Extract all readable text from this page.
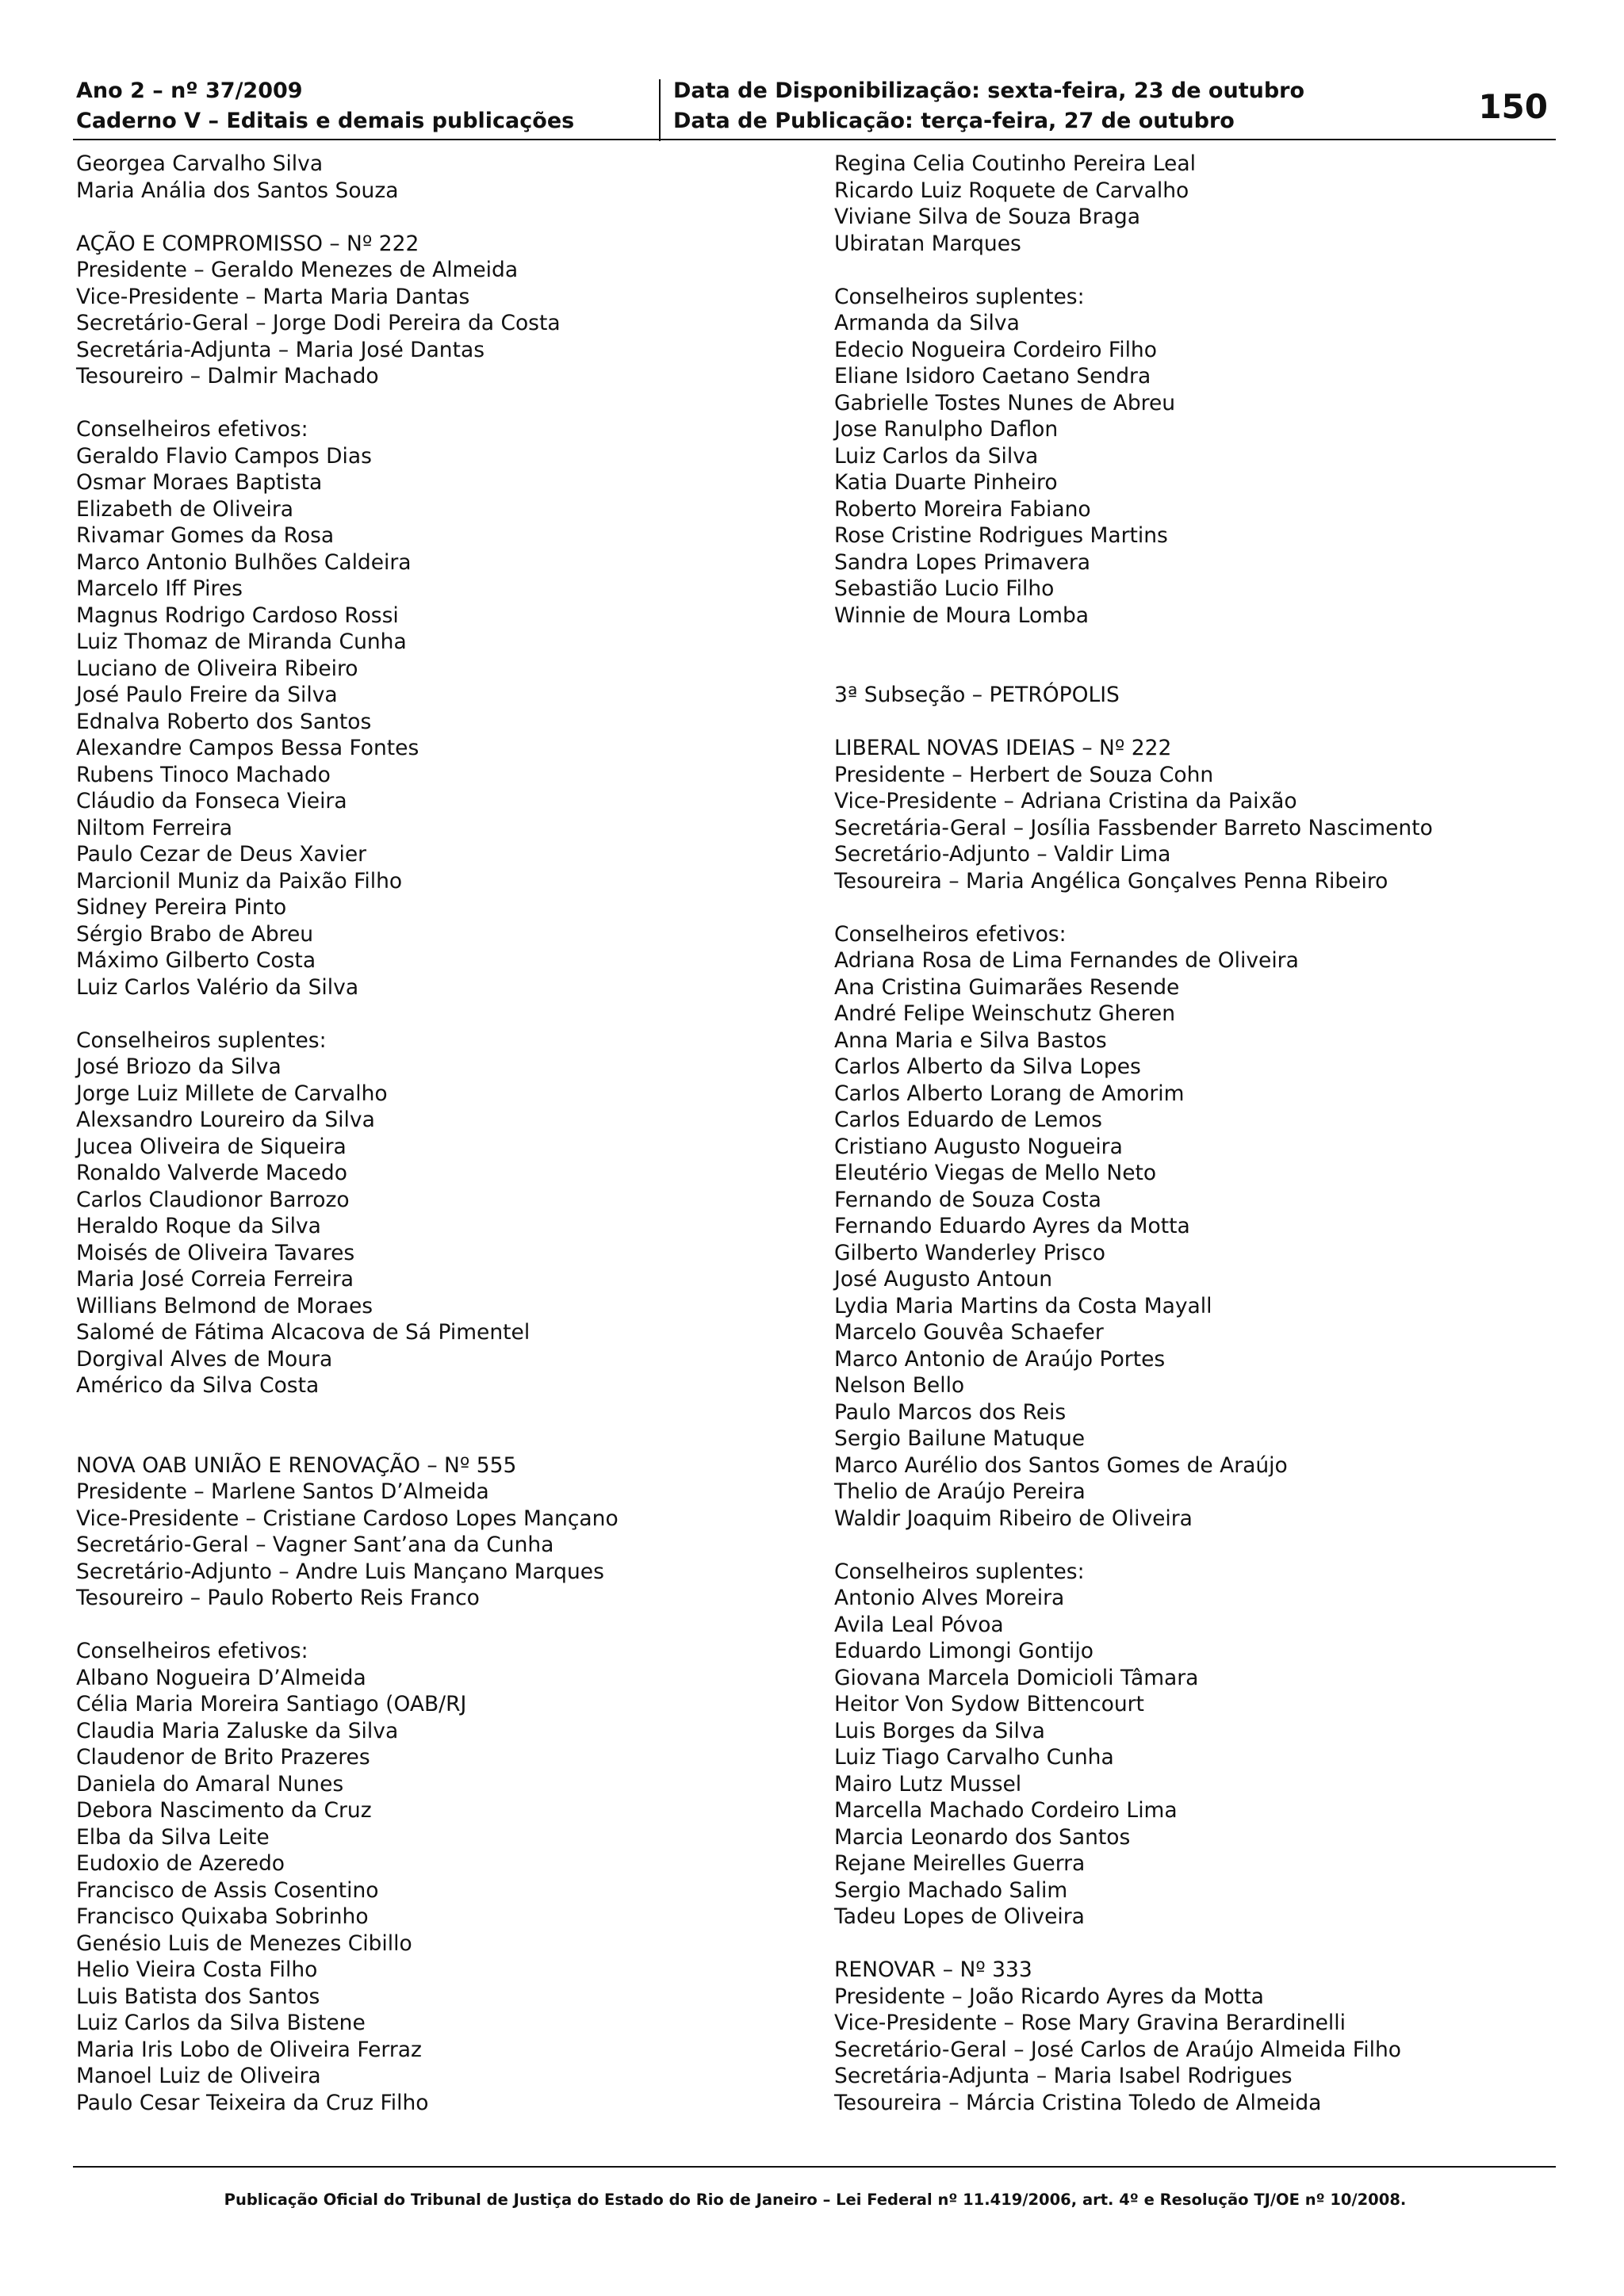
Ano 2 – nº 37/2009
Caderno V – Editais e demais publicações
Data de Disponibilização: sexta-feira, 23 de outubro
Data de Publicação: terça-feira, 27 de outubro	150
Georgea Carvalho Silva
Maria Anália dos Santos Souza
AÇÃO E COMPROMISSO – Nº 222
Presidente – Geraldo Menezes de Almeida
Vice-Presidente – Marta Maria Dantas
Secretário-Geral – Jorge Dodi Pereira da Costa
Secretária-Adjunta – Maria José Dantas
Tesoureiro – Dalmir Machado
Conselheiros efetivos:
Geraldo Flavio Campos Dias
Osmar Moraes Baptista
Elizabeth de Oliveira
Rivamar Gomes da Rosa
Marco Antonio Bulhões Caldeira
Marcelo Iff Pires
Magnus Rodrigo Cardoso Rossi
Luiz Thomaz de Miranda Cunha
Luciano de Oliveira Ribeiro
José Paulo Freire da Silva
Ednalva Roberto dos Santos
Alexandre Campos Bessa Fontes
Rubens Tinoco Machado
Cláudio da Fonseca Vieira
Niltom Ferreira
Paulo Cezar de Deus Xavier
Marcionil Muniz da Paixão Filho
Sidney Pereira Pinto
Sérgio Brabo de Abreu
Máximo Gilberto Costa
Luiz Carlos Valério da Silva
Conselheiros suplentes:
José Briozo da Silva
Jorge Luiz Millete de Carvalho
Alexsandro Loureiro da Silva
Jucea Oliveira de Siqueira
Ronaldo Valverde Macedo
Carlos Claudionor Barrozo
Heraldo Roque da Silva
Moisés de Oliveira Tavares
Maria José Correia Ferreira
Willians Belmond de Moraes
Salomé de Fátima Alcacova de Sá Pimentel
Dorgival Alves de Moura
Américo da Silva Costa
NOVA OAB UNIÃO E RENOVAÇÃO – Nº 555
Presidente – Marlene Santos D’Almeida
Vice-Presidente – Cristiane Cardoso Lopes Mançano
Secretário-Geral – Vagner Sant’ana da Cunha
Secretário-Adjunto – Andre Luis Mançano Marques
Tesoureiro – Paulo Roberto Reis Franco
Conselheiros efetivos:
Albano Nogueira D’Almeida
Célia Maria Moreira Santiago (OAB/RJ
Claudia Maria Zaluske da Silva
Claudenor de Brito Prazeres
Daniela do Amaral Nunes
Debora Nascimento da Cruz
Elba da Silva Leite
Eudoxio de Azeredo
Francisco de Assis Cosentino
Francisco Quixaba Sobrinho
Genésio Luis de Menezes Cibillo
Helio Vieira Costa Filho
Luis Batista dos Santos
Luiz Carlos da Silva Bistene
Maria Iris Lobo de Oliveira Ferraz
Manoel Luiz de Oliveira
Paulo Cesar Teixeira da Cruz Filho
Regina Celia Coutinho Pereira Leal
Ricardo Luiz Roquete de Carvalho
Viviane Silva de Souza Braga
Ubiratan Marques
Conselheiros suplentes:
Armanda da Silva
Edecio Nogueira Cordeiro Filho
Eliane Isidoro Caetano Sendra
Gabrielle Tostes Nunes de Abreu
Jose Ranulpho Daflon
Luiz Carlos da Silva
Katia Duarte Pinheiro
Roberto Moreira Fabiano
Rose Cristine Rodrigues Martins
Sandra Lopes Primavera
Sebastião Lucio Filho
Winnie de Moura Lomba
3ª Subseção – PETRÓPOLIS
LIBERAL NOVAS IDEIAS – Nº 222
Presidente – Herbert de Souza Cohn
Vice-Presidente – Adriana Cristina da Paixão
Secretária-Geral – Josília Fassbender Barreto Nascimento
Secretário-Adjunto – Valdir Lima
Tesoureira – Maria Angélica Gonçalves Penna Ribeiro
Conselheiros efetivos:
Adriana Rosa de Lima Fernandes de Oliveira
Ana Cristina Guimarães Resende
André Felipe Weinschutz Gheren
Anna Maria e Silva Bastos
Carlos Alberto da Silva Lopes
Carlos Alberto Lorang de Amorim
Carlos Eduardo de Lemos
Cristiano Augusto Nogueira
Eleutério Viegas de Mello Neto
Fernando de Souza Costa
Fernando Eduardo Ayres da Motta
Gilberto Wanderley Prisco
José Augusto Antoun
Lydia Maria Martins da Costa Mayall
Marcelo Gouvêa Schaefer
Marco Antonio de Araújo Portes
Nelson Bello
Paulo Marcos dos Reis
Sergio Bailune Matuque
Marco Aurélio dos Santos Gomes de Araújo
Thelio de Araújo Pereira
Waldir Joaquim Ribeiro de Oliveira
Conselheiros suplentes:
Antonio Alves Moreira
Avila Leal Póvoa
Eduardo Limongi Gontijo
Giovana Marcela Domicioli Tâmara
Heitor Von Sydow Bittencourt
Luis Borges da Silva
Luiz Tiago Carvalho Cunha
Mairo Lutz Mussel
Marcella Machado Cordeiro Lima
Marcia Leonardo dos Santos
Rejane Meirelles Guerra
Sergio Machado Salim
Tadeu Lopes de Oliveira
RENOVAR – Nº 333
Presidente – João Ricardo Ayres da Motta
Vice-Presidente – Rose Mary Gravina Berardinelli
Secretário-Geral – José Carlos de Araújo Almeida Filho
Secretária-Adjunta – Maria Isabel Rodrigues
Tesoureira – Márcia Cristina Toledo de Almeida
Publicação Oficial do Tribunal de Justiça do Estado do Rio de Janeiro – Lei Federal nº 11.419/2006, art. 4º e Resolução TJ/OE nº 10/2008.
